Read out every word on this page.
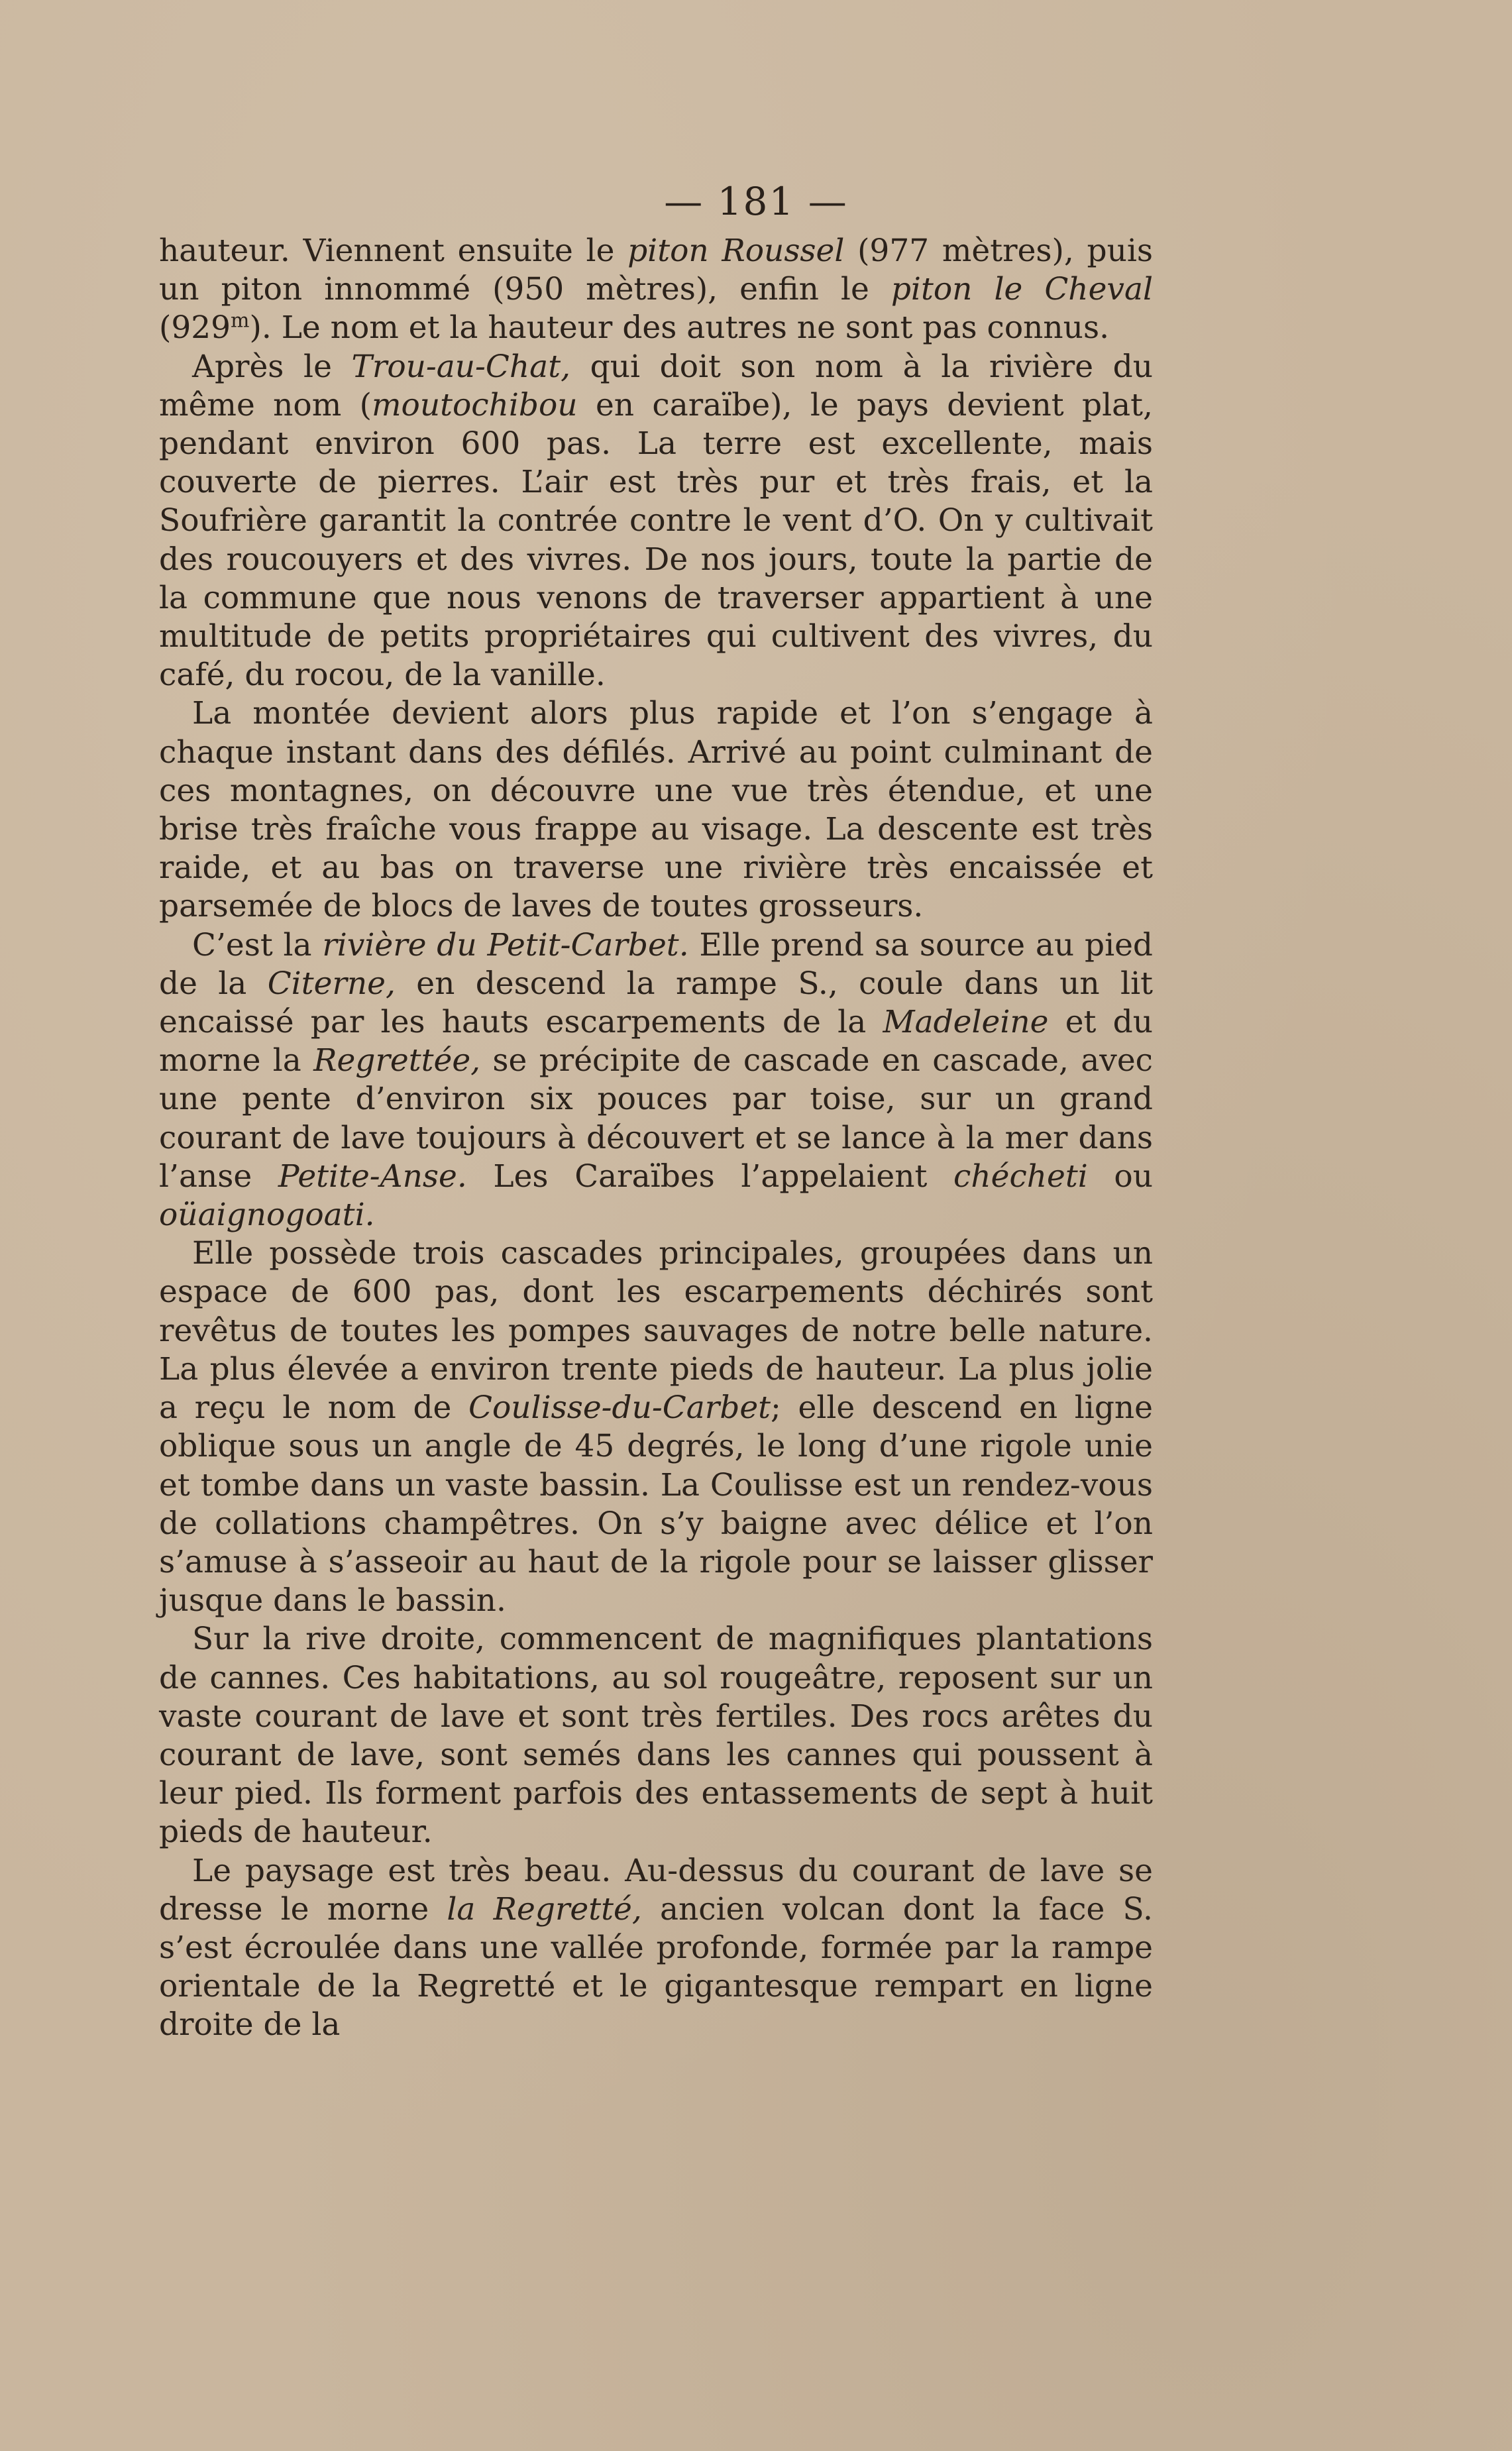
— 181 —

hauteur. Viennent ensuite le piton Roussel (977 mètres), puis un piton innommé (950 mètres), enfin le piton le Cheval (929$^m$). Le nom et la hauteur des autres ne sont pas connus.

Après le Trou-au-Chat, qui doit son nom à la rivière du même nom (moutochibou en caraïbe), le pays devient plat, pendant environ 600 pas. La terre est excellente, mais couverte de pierres. L’air est très pur et très frais, et la Soufrière garantit la contrée contre le vent d’O. On y cultivait des roucouyers et des vivres. De nos jours, toute la partie de la commune que nous venons de traverser appartient à une multitude de petits propriétaires qui cultivent des vivres, du café, du rocou, de la vanille.

La montée devient alors plus rapide et l’on s’engage à chaque instant dans des défilés. Arrivé au point culminant de ces montagnes, on découvre une vue très étendue, et une brise très fraîche vous frappe au visage. La descente est très raide, et au bas on traverse une rivière très encaissée et parsemée de blocs de laves de toutes grosseurs.

C’est la rivière du Petit-Carbet. Elle prend sa source au pied de la Citerne, en descend la rampe S., coule dans un lit encaissé par les hauts escarpements de la Madeleine et du morne la Regrettée, se précipite de cascade en cascade, avec une pente d’environ six pouces par toise, sur un grand courant de lave toujours à découvert et se lance à la mer dans l’anse Petite-Anse. Les Caraïbes l’appelaient chécheti ou oüaignogoati.

Elle possède trois cascades principales, groupées dans un espace de 600 pas, dont les escarpements déchirés sont revêtus de toutes les pompes sauvages de notre belle nature. La plus élevée a environ trente pieds de hauteur. La plus jolie a reçu le nom de Coulisse-du-Carbet; elle descend en ligne oblique sous un angle de 45 degrés, le long d’une rigole unie et tombe dans un vaste bassin. La Coulisse est un rendez-vous de collations champêtres. On s’y baigne avec délice et l’on s’amuse à s’asseoir au haut de la rigole pour se laisser glisser jusque dans le bassin.

Sur la rive droite, commencent de magnifiques plantations de cannes. Ces habitations, au sol rougeâtre, reposent sur un vaste courant de lave et sont très fertiles. Des rocs arêtes du courant de lave, sont semés dans les cannes qui poussent à leur pied. Ils forment parfois des entassements de sept à huit pieds de hauteur.

Le paysage est très beau. Au-dessus du courant de lave se dresse le morne la Regretté, ancien volcan dont la face S. s’est écroulée dans une vallée profonde, formée par la rampe orientale de la Regretté et le gigantesque rempart en ligne droite de la
